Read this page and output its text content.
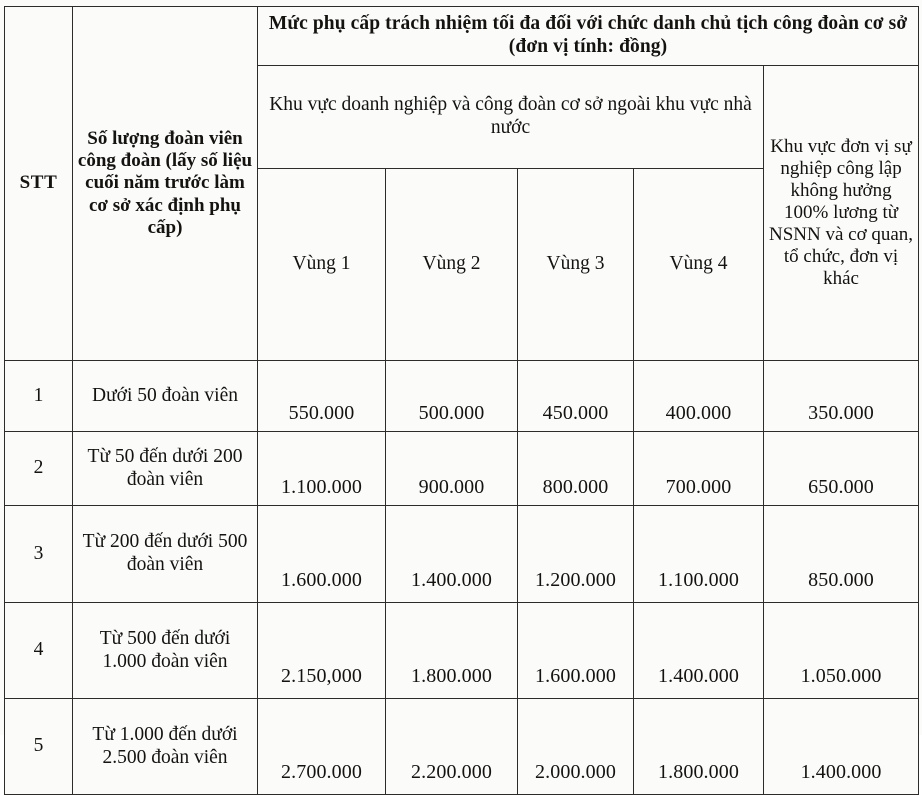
STT	Số lượng đoàn viên công đoàn (lấy số liệu cuối năm trước làm cơ sở xác định phụ cấp)	Mức phụ cấp trách nhiệm tối đa đối với chức danh chủ tịch công đoàn cơ sở (đơn vị tính: đồng)				
		Khu vực doanh nghiệp và công đoàn cơ sở ngoài khu vực nhà nước				Khu vực đơn vị sự nghiệp công lập không hưởng 100% lương từ NSNN và cơ quan, tổ chức, đơn vị khác
		Vùng 1	Vùng 2	Vùng 3	Vùng 4	
1	Dưới 50 đoàn viên	550.000	500.000	450.000	400.000	350.000
2	Từ 50 đến dưới 200 đoàn viên	1.100.000	900.000	800.000	700.000	650.000
3	Từ 200 đến dưới 500 đoàn viên	1.600.000	1.400.000	1.200.000	1.100.000	850.000
4	Từ 500 đến dưới 1.000 đoàn viên	2.150,000	1.800.000	1.600.000	1.400.000	1.050.000
5	Từ 1.000 đến dưới 2.500 đoàn viên	2.700.000	2.200.000	2.000.000	1.800.000	1.400.000
